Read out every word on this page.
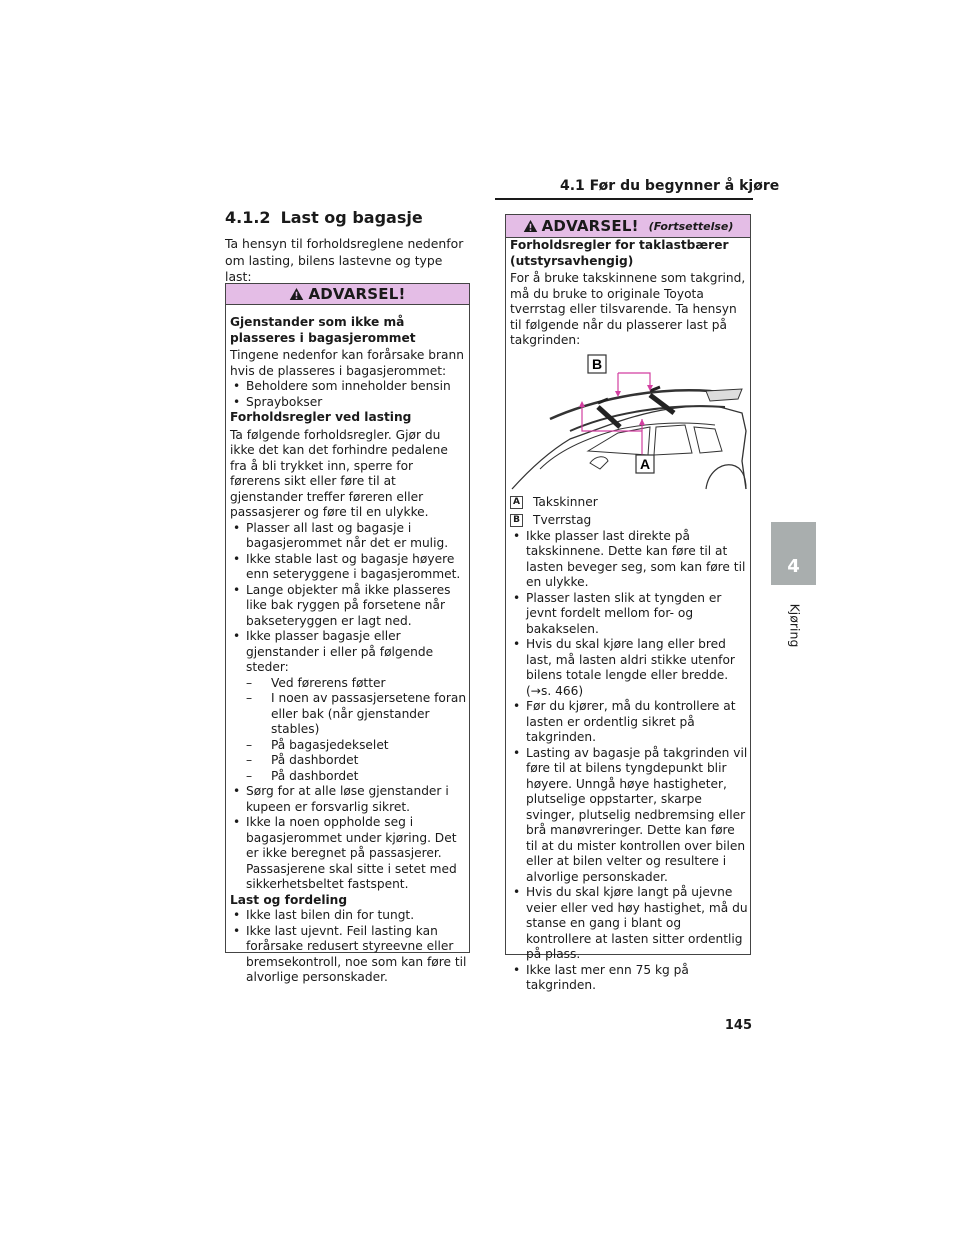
4.1 Før du begynner å kjøre
4
Kjøring
145
4.1.2 Last og bagasje
Ta hensyn til forholdsreglene nedenfor om lasting, bilens lastevne og type last:
ADVARSEL!
Gjenstander som ikke må plasseres i bagasjerommet
Tingene nedenfor kan forårsake brann hvis de plasseres i bagasjerommet:
• Beholdere som inneholder bensin
• Spraybokser
Forholdsregler ved lasting
Ta følgende forholdsregler. Gjør du ikke det kan det forhindre pedalene fra å bli trykket inn, sperre for førerens sikt eller føre til at gjenstander treffer føreren eller passasjerer og føre til en ulykke.
• Plasser all last og bagasje i bagasjerommet når det er mulig.
• Ikke stable last og bagasje høyere enn seteryggene i bagasjerommet.
• Lange objekter må ikke plasseres like bak ryggen på forsetene når bakseteryggen er lagt ned.
• Ikke plasser bagasje eller gjenstander i eller på følgende steder:
– Ved førerens føtter
– I noen av passasjersetene foran eller bak (når gjenstander stables)
– På bagasjedekselet
– På dashbordet
– På dashbordet
• Sørg for at alle løse gjenstander i kupeen er forsvarlig sikret.
• Ikke la noen oppholde seg i bagasjerommet under kjøring. Det er ikke beregnet på passasjerer. Passasjerene skal sitte i setet med sikkerhetsbeltet fastspent.
Last og fordeling
• Ikke last bilen din for tungt.
• Ikke last ujevnt. Feil lasting kan forårsake redusert styreevne eller bremsekontroll, noe som kan føre til alvorlige personskader.
ADVARSEL! (Fortsettelse)
Forholdsregler for taklastbærer (utstyrsavhengig)
For å bruke takskinnene som takgrind, må du bruke to originale Toyota tverrstag eller tilsvarende. Ta hensyn til følgende når du plasserer last på takgrinden:
B
A
A Takskinner
B Tverrstag
• Ikke plasser last direkte på takskinnene. Dette kan føre til at lasten beveger seg, som kan føre til en ulykke.
• Plasser lasten slik at tyngden er jevnt fordelt mellom for- og bakakselen.
• Hvis du skal kjøre lang eller bred last, må lasten aldri stikke utenfor bilens totale lengde eller bredde. (→s. 466)
• Før du kjører, må du kontrollere at lasten er ordentlig sikret på takgrinden.
• Lasting av bagasje på takgrinden vil føre til at bilens tyngdepunkt blir høyere. Unngå høye hastigheter, plutselige oppstarter, skarpe svinger, plutselig nedbremsing eller brå manøvreringer. Dette kan føre til at du mister kontrollen over bilen eller at bilen velter og resultere i alvorlige personskader.
• Hvis du skal kjøre langt på ujevne veier eller ved høy hastighet, må du stanse en gang i blant og kontrollere at lasten sitter ordentlig på plass.
• Ikke last mer enn 75 kg på takgrinden.
